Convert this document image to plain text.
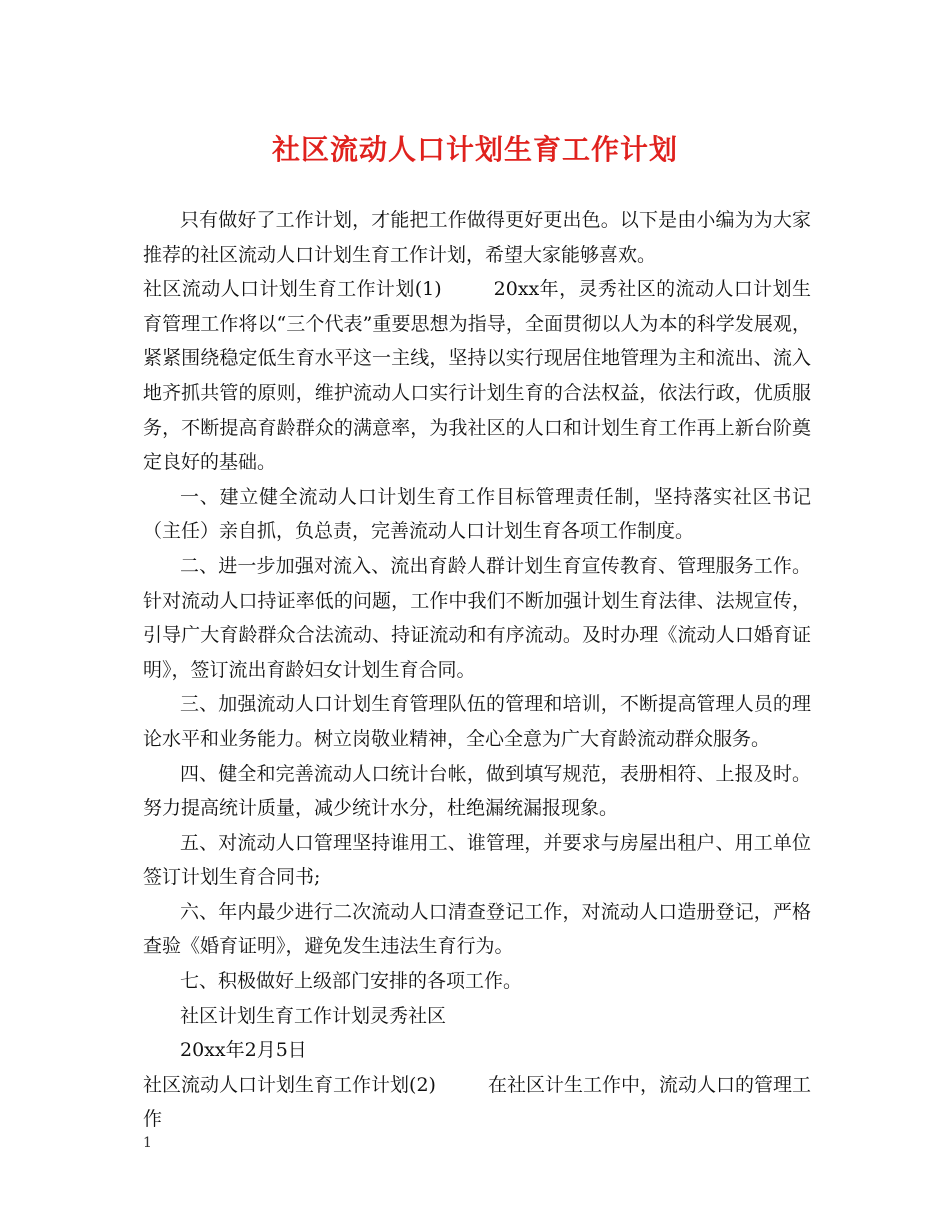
社区流动人口计划生育工作计划

只有做好了工作计划，才能把工作做得更好更出色。以下是由小编为为大家推荐的社区流动人口计划生育工作计划，希望大家能够喜欢。

社区流动人口计划生育工作计划(1)	20xx年，灵秀社区的流动人口计划生育管理工作将以“三个代表”重要思想为指导，全面贯彻以人为本的科学发展观，紧紧围绕稳定低生育水平这一主线，坚持以实行现居住地管理为主和流出、流入地齐抓共管的原则，维护流动人口实行计划生育的合法权益，依法行政，优质服务，不断提高育龄群众的满意率，为我社区的人口和计划生育工作再上新台阶奠定良好的基础。

一、建立健全流动人口计划生育工作目标管理责任制，坚持落实社区书记（主任）亲自抓，负总责，完善流动人口计划生育各项工作制度。

二、进一步加强对流入、流出育龄人群计划生育宣传教育、管理服务工作。针对流动人口持证率低的问题，工作中我们不断加强计划生育法律、法规宣传，引导广大育龄群众合法流动、持证流动和有序流动。及时办理《流动人口婚育证明》，签订流出育龄妇女计划生育合同。

三、加强流动人口计划生育管理队伍的管理和培训，不断提高管理人员的理论水平和业务能力。树立岗敬业精神，全心全意为广大育龄流动群众服务。

四、健全和完善流动人口统计台帐，做到填写规范，表册相符、上报及时。努力提高统计质量，减少统计水分，杜绝漏统漏报现象。

五、对流动人口管理坚持谁用工、谁管理，并要求与房屋出租户、用工单位签订计划生育合同书;

六、年内最少进行二次流动人口清查登记工作，对流动人口造册登记，严格查验《婚育证明》，避免发生违法生育行为。

七、积极做好上级部门安排的各项工作。

社区计划生育工作计划灵秀社区

20xx年2月5日

社区流动人口计划生育工作计划(2)	在社区计生工作中，流动人口的管理工作

1
